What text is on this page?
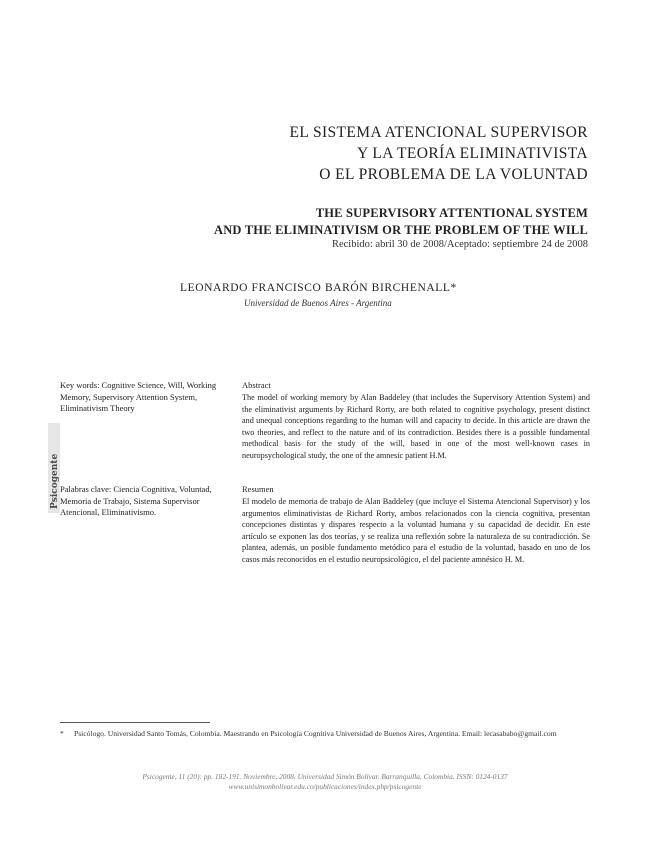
EL SISTEMA ATENCIONAL SUPERVISOR
Y LA TEORÍA ELIMINATIVISTA
O EL PROBLEMA DE LA VOLUNTAD
THE SUPERVISORY ATTENTIONAL SYSTEM
AND THE ELIMINATIVISM OR THE PROBLEM OF THE WILL
Recibido: abril 30 de 2008/Aceptado: septiembre 24 de 2008
LEONARDO FRANCISCO BARÓN BIRCHENALL*
Universidad de Buenos Aires - Argentina
Key words: Cognitive Science, Will, Working Memory, Supervisory Attention System, Eliminativism Theory
Psicogente Palabras clave: Ciencia Cognitiva, Voluntad, Memoria de Trabajo, Sistema Supervisor Atencional, Eliminativismo.
Abstract
The model of working memory by Alan Baddeley (that includes the Supervisory Attention System) and the eliminativist arguments by Richard Rorty, are both related to cognitive psychology, present distinct and unequal conceptions regarding to the human will and capacity to decide. In this article are drawn the two theories, and reflect to the nature and of its contradiction. Besides there is a possible fundamental methodical basis for the study of the will, based in one of the most well-known cases in neuropsychological study, the one of the amnesic patient H.M.
Resumen
El modelo de memoria de trabajo de Alan Baddeley (que incluye el Sistema Atencional Supervisor) y los argumentos eliminativistas de Richard Rorty, ambos relacionados con la ciencia cognitiva, presentan concepciones distintas y dispares respecto a la voluntad humana y su capacidad de decidir. En este artículo se exponen las dos teorías, y se realiza una reflexión sobre la naturaleza de su contradicción. Se plantea, además, un posible fundamento metódico para el estudio de la voluntad, basado en uno de los casos más reconocidos en el estudio neuropsicológico, el del paciente amnésico H. M.
* Psicólogo. Universidad Santo Tomás, Colombia. Maestrando en Psicología Cognitiva Universidad de Buenos Aires, Argentina. Email: lecasababo@gmail.com
Psicogente, 11 (20): pp. 182-191. Noviembre, 2008. Universidad Simón Bolívar. Barranquilla, Colombia. ISSN: 0124-0137
www.unisimonbolivar.edu.co/publicaciones/index.php/psicogente
